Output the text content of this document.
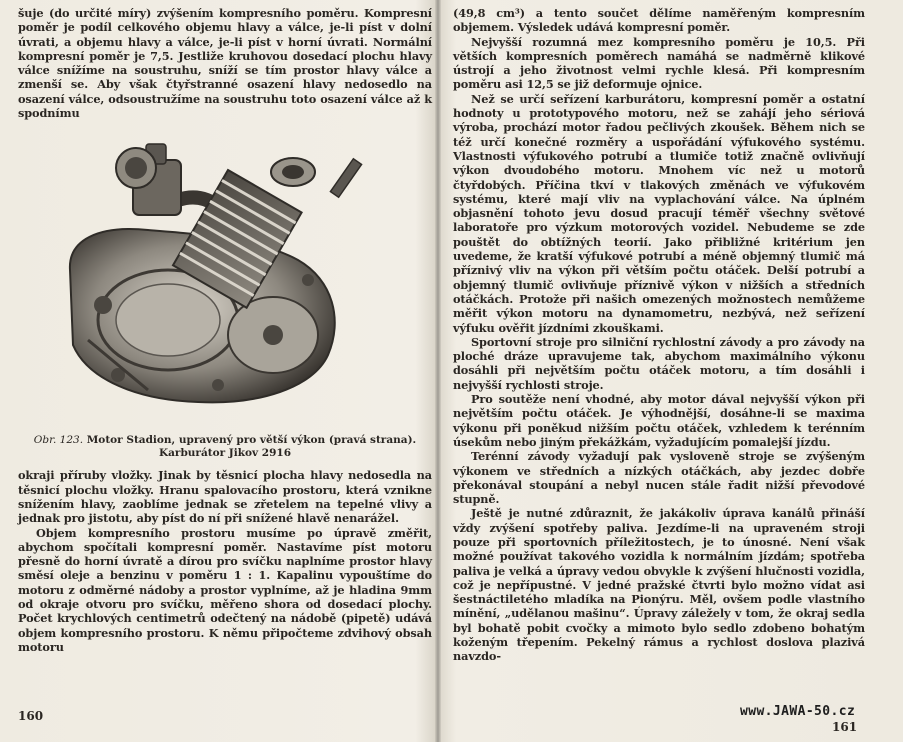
šuje (do určité míry) zvýšením kompresního poměru. Kompresní poměr je podíl celkového objemu hlavy a válce, je-li píst v dolní úvrati, a objemu hlavy a válce, je-li píst v horní úvrati. Normální kompresní poměr je 7,5. Jestliže kruhovou dosedací plochu hlavy válce snížíme na soustruhu, sníží se tím prostor hlavy válce a zmenší se. Aby však čtyřstranné osazení hlavy nedosedlo na osazení válce, odsoustružíme na soustruhu toto osazení válce až k spodnímu

Obr. 123. Motor Stadion, upravený pro větší výkon (pravá strana).
Karburátor Jikov 2916

okraji příruby vložky. Jinak by těsnicí plocha hlavy nedosedla na těsnicí plochu vložky. Hranu spalovacího prostoru, která vznikne snížením hlavy, zaoblíme jednak se zřetelem na tepelné vlivy a jednak pro jistotu, aby píst do ní při snížené hlavě nenarážel.

Objem kompresního prostoru musíme po úpravě změřit, abychom spočítali kompresní poměr. Nastavíme píst motoru přesně do horní úvratě a dírou pro svíčku naplníme prostor hlavy směsí oleje a benzinu v poměru 1 : 1. Kapalinu vypouštíme do motoru z odměrné nádoby a prostor vyplníme, až je hladina 9mm od okraje otvoru pro svíčku, měřeno shora od dosedací plochy. Počet krychlových centimetrů odečtený na nádobě (pipetě) udává objem kompresního prostoru. K němu připočteme zdvihový obsah motoru

(49,8 cm³) a tento součet dělíme naměřeným kompresním objemem. Výsledek udává kompresní poměr.

Nejvyšší rozumná mez kompresního poměru je 10,5. Při větších kompresních poměrech namáhá se nadměrně klikové ústrojí a jeho životnost velmi rychle klesá. Při kompresním poměru asi 12,5 se již deformuje ojnice.

Než se určí seřízení karburátoru, kompresní poměr a ostatní hodnoty u prototypového motoru, než se zahájí jeho sériová výroba, prochází motor řadou pečlivých zkoušek. Během nich se též určí konečné rozměry a uspořádání výfukového systému. Vlastnosti výfukového potrubí a tlumiče totiž značně ovlivňují výkon dvoudobého motoru. Mnohem víc než u motorů čtyřdobých. Příčina tkví v tlakových změnách ve výfukovém systému, které mají vliv na vyplachování válce. Na úplném objasnění tohoto jevu dosud pracují téměř všechny světové laboratoře pro výzkum motorových vozidel. Nebudeme se zde pouštět do obtížných teorií. Jako přibližné kritérium jen uvedeme, že kratší výfukové potrubí a méně objemný tlumič má příznivý vliv na výkon při větším počtu otáček. Delší potrubí a objemný tlumič ovlivňuje příznivě výkon v nižších a středních otáčkách. Protože při našich omezených možnostech nemůžeme měřit výkon motoru na dynamometru, nezbývá, než seřízení výfuku ověřit jízdními zkouškami.

Sportovní stroje pro silniční rychlostní závody a pro závody na ploché dráze upravujeme tak, abychom maximálního výkonu dosáhli při největším počtu otáček motoru, a tím dosáhli i nejvyšší rychlosti stroje.

Pro soutěže není vhodné, aby motor dával nejvyšší výkon při největším počtu otáček. Je výhodnější, dosáhne-li se maxima výkonu při poněkud nižším počtu otáček, vzhledem k terénním úsekům nebo jiným překážkám, vyžadujícím pomalejší jízdu.

Terénní závody vyžadují pak vysloveně stroje se zvýšeným výkonem ve středních a nízkých otáčkách, aby jezdec dobře překonával stoupání a nebyl nucen stále řadit nižší převodové stupně.

Ještě je nutné zdůraznit, že jakákoliv úprava kanálů přináší vždy zvýšení spotřeby paliva. Jezdíme-li na upraveném stroji pouze při sportovních příležitostech, je to únosné. Není však možné používat takového vozidla k normálním jízdám; spotřeba paliva je velká a úpravy vedou obvykle k zvýšení hlučnosti vozidla, což je nepřípustné. V jedné pražské čtvrti bylo možno vídat asi šestnáctiletého mladíka na Pionýru. Měl, ovšem podle vlastního mínění, „udělanou mašinu“. Úpravy záležely v tom, že okraj sedla byl bohatě pobit cvočky a mimoto bylo sedlo zdobeno bohatým koženým třepením. Pekelný rámus a rychlost doslova plazivá navzdo-

160	www.JAWA-50.cz
161
